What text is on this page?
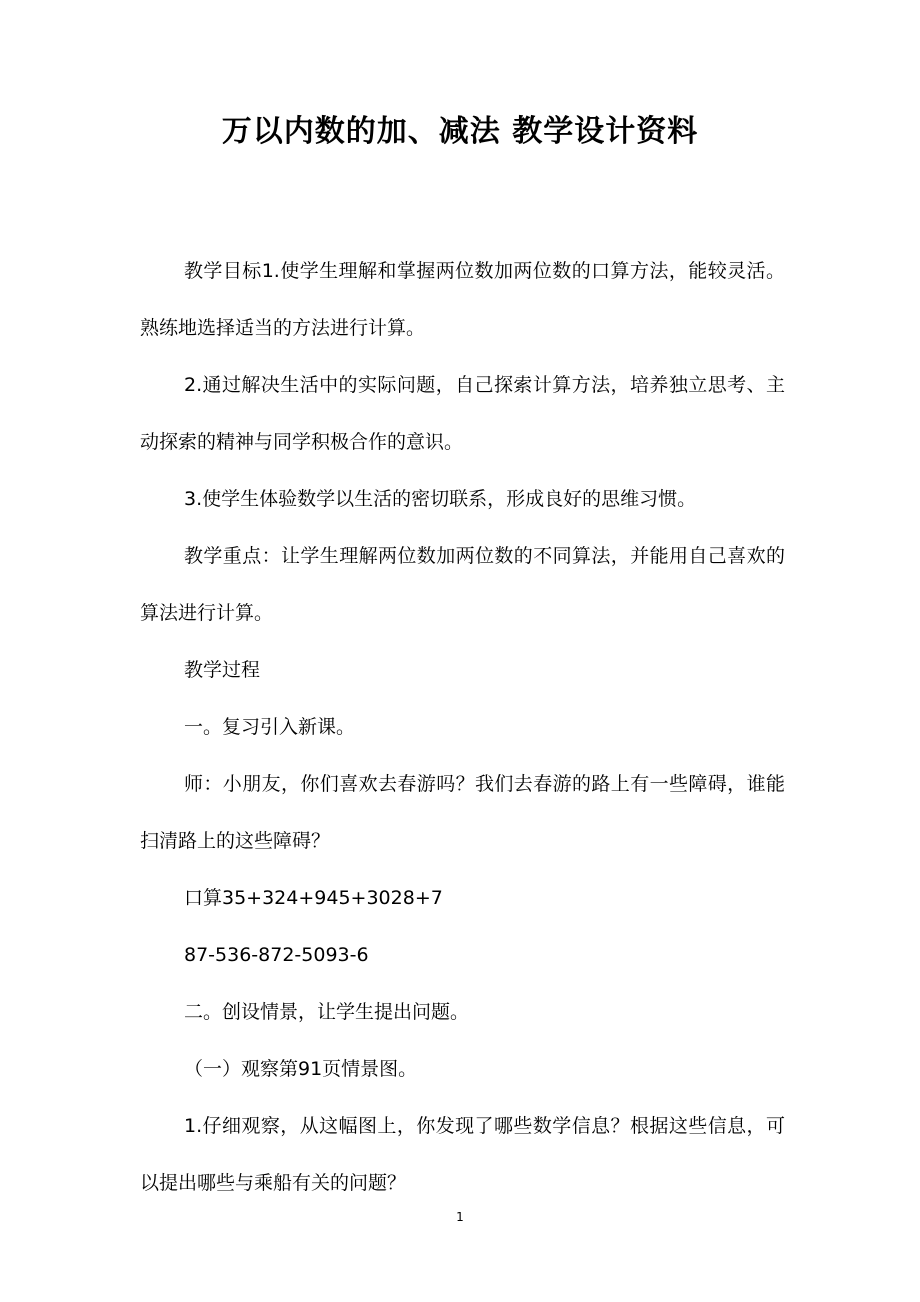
万以内数的加、减法 教学设计资料

教学目标1.使学生理解和掌握两位数加两位数的口算方法，能较灵活。熟练地选择适当的方法进行计算。

2.通过解决生活中的实际问题，自己探索计算方法，培养独立思考、主动探索的精神与同学积极合作的意识。

3.使学生体验数学以生活的密切联系，形成良好的思维习惯。

教学重点：让学生理解两位数加两位数的不同算法，并能用自己喜欢的算法进行计算。

教学过程

一。复习引入新课。

师：小朋友，你们喜欢去春游吗？我们去春游的路上有一些障碍，谁能扫清路上的这些障碍？

口算35+324+945+3028+7

87-536-872-5093-6

二。创设情景，让学生提出问题。

（一）观察第91页情景图。

1.仔细观察，从这幅图上，你发现了哪些数学信息？根据这些信息，可以提出哪些与乘船有关的问题？

1
